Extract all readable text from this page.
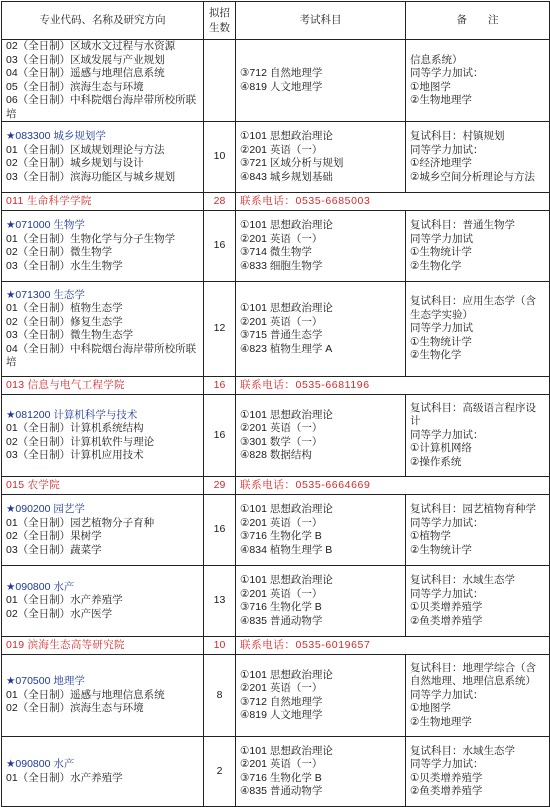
专业代码、名称及研究方向	拟招生数	考试科目	备　　注

02（全日制）区域水文过程与水资源
03（全日制）区域发展与产业规划
04（全日制）遥感与地理信息系统
05（全日制）滨海生态与环境
06（全日制）中科院烟台海岸带所校所联培		③712 自然地理学
④819 人文地理学	信息系统）
同等学力加试：
①地图学
②生物地理学

★083300 城乡规划学
01（全日制）区域规划理论与方法
02（全日制）城乡规划与设计
03（全日制）滨海功能区与城乡规划	10	①101 思想政治理论
②201 英语（一）
③721 区域分析与规划
④843 城乡规划基础	复试科目：村镇规划
同等学力加试：
①经济地理学
②城乡空间分析理论与方法

011 生命科学学院	28	联系电话：0535-6685003	

★071000 生物学
01（全日制）生物化学与分子生物学
02（全日制）微生物学
03（全日制）水生生物学	16	①101 思想政治理论
②201 英语（一）
③714 微生物学
④833 细胞生物学	复试科目：普通生物学
同等学力加试
①生物统计学
②生物化学

★071300 生态学
01（全日制）植物生态学
02（全日制）修复生态学
03（全日制）微生物生态学
04（全日制）中科院烟台海岸带所校所联培	12	①101 思想政治理论
②201 英语（一）
③715 普通生态学
④823 植物生理学 A	复试科目：应用生态学（含生态学实验）
同等学力加试
①生物统计学
②生物化学

013 信息与电气工程学院	16	联系电话：0535-6681196	

★081200 计算机科学与技术
01（全日制）计算机系统结构
02（全日制）计算机软件与理论
03（全日制）计算机应用技术	16	①101 思想政治理论
②201 英语（一）
③301 数学（一）
④828 数据结构	复试科目：高级语言程序设计
同等学力加试：
①计算机网络
②操作系统

015 农学院	29	联系电话：0535-6664669	

★090200 园艺学
01（全日制）园艺植物分子育种
02（全日制）果树学
03（全日制）蔬菜学	16	①101 思想政治理论
②201 英语（一）
③716 生物化学 B
④834 植物生理学 B	复试科目：园艺植物育种学
同等学力加试：
①植物学
②生物统计学

★090800 水产
01（全日制）水产养殖学
02（全日制）水产医学	13	①101 思想政治理论
②201 英语（一）
③716 生物化学 B
④835 普通动物学	复试科目：水域生态学
同等学力加试：
①贝类增养殖学
②鱼类增养殖学

019 滨海生态高等研究院	10	联系电话：0535-6019657	

★070500 地理学
01（全日制）遥感与地理信息系统
02（全日制）滨海生态与环境	8	①101 思想政治理论
②201 英语（一）
③712 自然地理学
④819 人文地理学	复试科目：地理学综合（含自然地理、地理信息系统）
同等学力加试：
①地图学
②生物地理学

★090800 水产
01（全日制）水产养殖学	2	①101 思想政治理论
②201 英语（一）
③716 生物化学 B
④835 普通动物学	复试科目：水域生态学
同等学力加试：
①贝类增养殖学
②鱼类增养殖学
